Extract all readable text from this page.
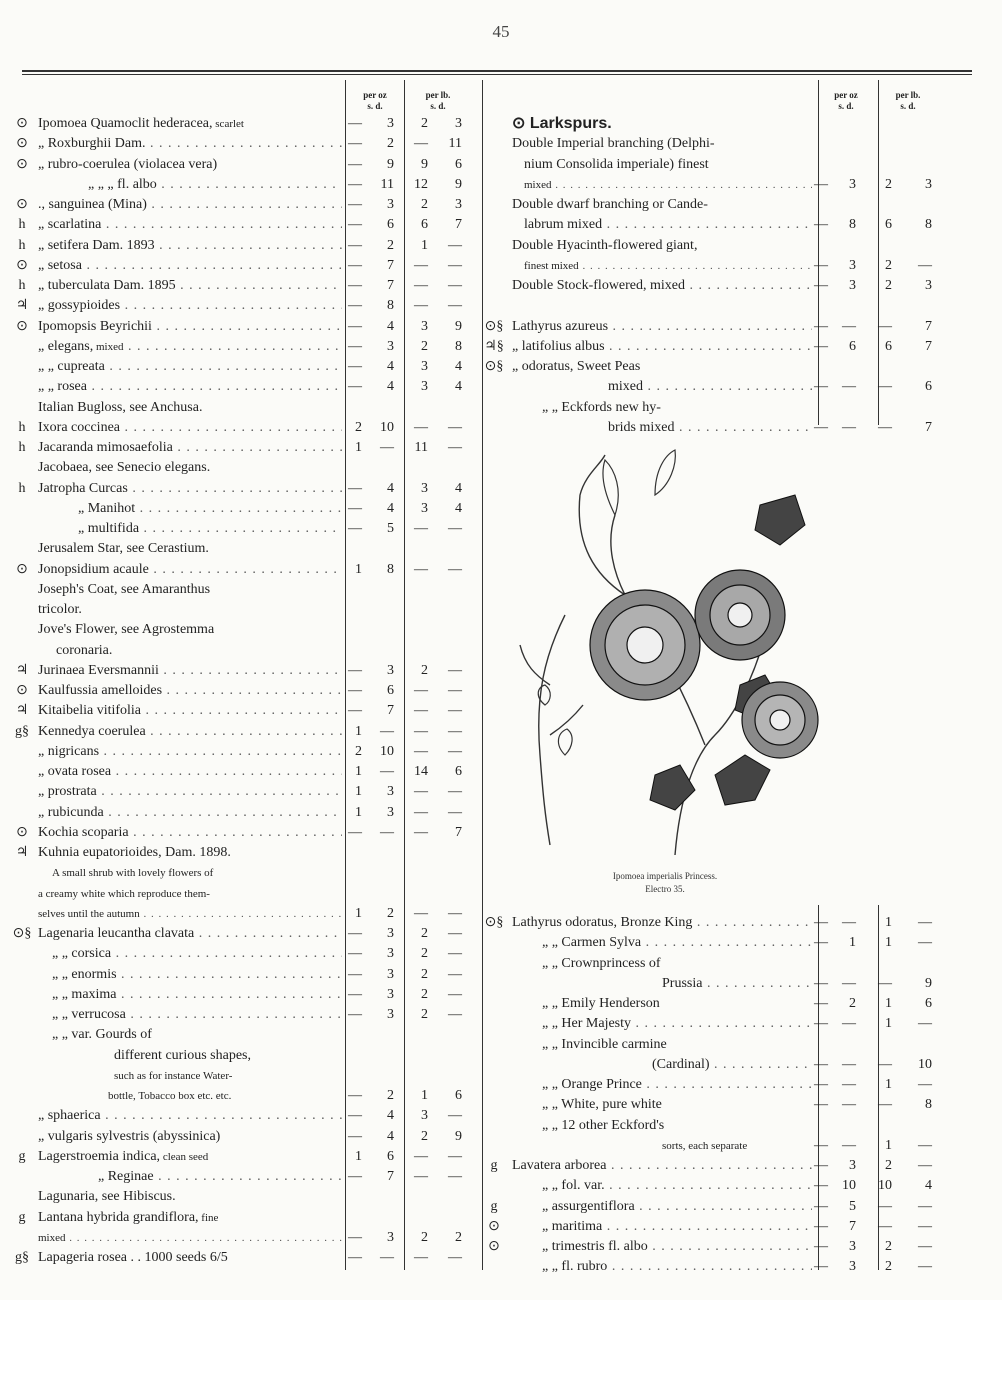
45
per oz
s. d.
per lb.
s. d.
per oz
s. d.
per lb.
s. d.
⊙ Ipomoea Quamoclit hederacea, scarlet	—	3	2	3
⊙ „ Roxburghii Dam. . . .	—	2	—	11
⊙ „ rubro-coerulea (violacea vera)	—	9	9	6
„ „ „ fl. albo . . .	—	11	12	9
⊙ ., sanguinea (Mina) . . .	—	3	2	3
h „ scarlatina . . .	—	6	6	7
h „ setifera Dam. 1893 . . .	—	2	1	—
⊙ „ setosa . . .	—	7	—	—
h „ tuberculata Dam. 1895 . . .	—	7	—	—
♃ „ gossypioides . . .	—	8	—	—
⊙ Ipomopsis Beyrichii . . .	—	4	3	9
„ elegans, mixed . . .	—	3	2	8
„ „ cupreata . . .	—	4	3	4
„ „ rosea . . .	—	4	3	4
Italian Bugloss, see Anchusa.
h Ixora coccinea . . .	2	10	—	—
h Jacaranda mimosaefolia . . .	1	—	11	—
Jacobaea, see Senecio elegans.
h Jatropha Curcas . . .	—	4	3	4
„ Manihot . . .	—	4	3	4
„ multifida . . .	—	5	—	—
Jerusalem Star, see Cerastium.
⊙ Jonopsidium acaule . . .	1	8	—	—
Joseph's Coat, see Amaranthus
tricolor.
Jove's Flower, see Agrostemma
coronaria.
♃ Jurinaea Eversmannii . . .	—	3	2	—
⊙ Kaulfussia amelloides . . .	—	6	—	—
♃ Kitaibelia vitifolia . . .	—	7	—	—
g§ Kennedya coerulea . . .	1	—	—	—
„ nigricans . . .	2	10	—	—
„ ovata rosea . . .	1	—	14	6
„ prostrata . . .	1	3	—	—
„ rubicunda . . .	1	3	—	—
⊙ Kochia scoparia . . .	—	—	—	7
♃ Kuhnia eupatorioides, Dam. 1898.
A small shrub with lovely flowers of
a creamy white which reproduce them-
selves until the autumn . . .	1	2	—	—
⊙§ Lagenaria leucantha clavata . . .	—	3	2	—
„ „ corsica . . .	—	3	2	—
„ „ enormis . . .	—	3	2	—
„ „ maxima . . .	—	3	2	—
„ „ verrucosa . . .	—	3	2	—
„ „ var. Gourds of
different curious shapes,
such as for instance Water-
bottle, Tobacco box etc. etc.	—	2	1	6
„ sphaerica . . .	—	4	3	—
„ vulgaris sylvestris (abyssinica)	—	4	2	9
g Lagerstroemia indica, clean seed	1	6	—	—
„ Reginae . . .	—	7	—	—
Lagunaria, see Hibiscus.
g Lantana hybrida grandiflora, fine
mixed . . .	—	3	2	2
g§ Lapageria rosea . . 1000 seeds 6/5	—	—	—	—
⊙ Larkspurs.
Double Imperial branching (Delphi-
nium Consolida imperiale) finest
mixed . . .	—	3	2	3
Double dwarf branching or Cande-
labrum mixed . . .	—	8	6	8
Double Hyacinth-flowered giant,
finest mixed . . .	—	3	2	—
Double Stock-flowered, mixed . . .	—	3	2	3
⊙§ Lathyrus azureus . . .	—	—	—	7
♃§ „ latifolius albus . . .	—	6	6	7
⊙§ „ odoratus, Sweet Peas
mixed . . .	—	—	—	6
„ „ Eckfords new hy-
brids mixed . . .	—	—	—	7
⊙§ Lathyrus odoratus, Bronze King . . .	—	—	1	—
„ „ Carmen Sylva . . .	—	1	1	—
„ „ Crownprincess of
Prussia . . .	—	—	—	9
„ „ Emily Henderson	—	2	1	6
„ „ Her Majesty . . .	—	—	1	—
„ „ Invincible carmine
(Cardinal) . . .	—	—	—	10
„ „ Orange Prince . . .	—	—	1	—
„ „ White, pure white	—	—	—	8
„ „ 12 other Eckford's
sorts, each separate	—	—	1	—
g	Lavatera arborea . . .	—	3	2	—
„ „ fol. var. . . .	—	10	10	4
g	„ assurgentiflora . . .	—	5	—	—
⊙	„ maritima . . .	—	7	—	—
⊙	„ trimestris fl. albo . . .	—	3	2	—
„ „ fl. rubro . . .	—	3	2	—
Ipomoea imperialis Princess.
Electro 35.
